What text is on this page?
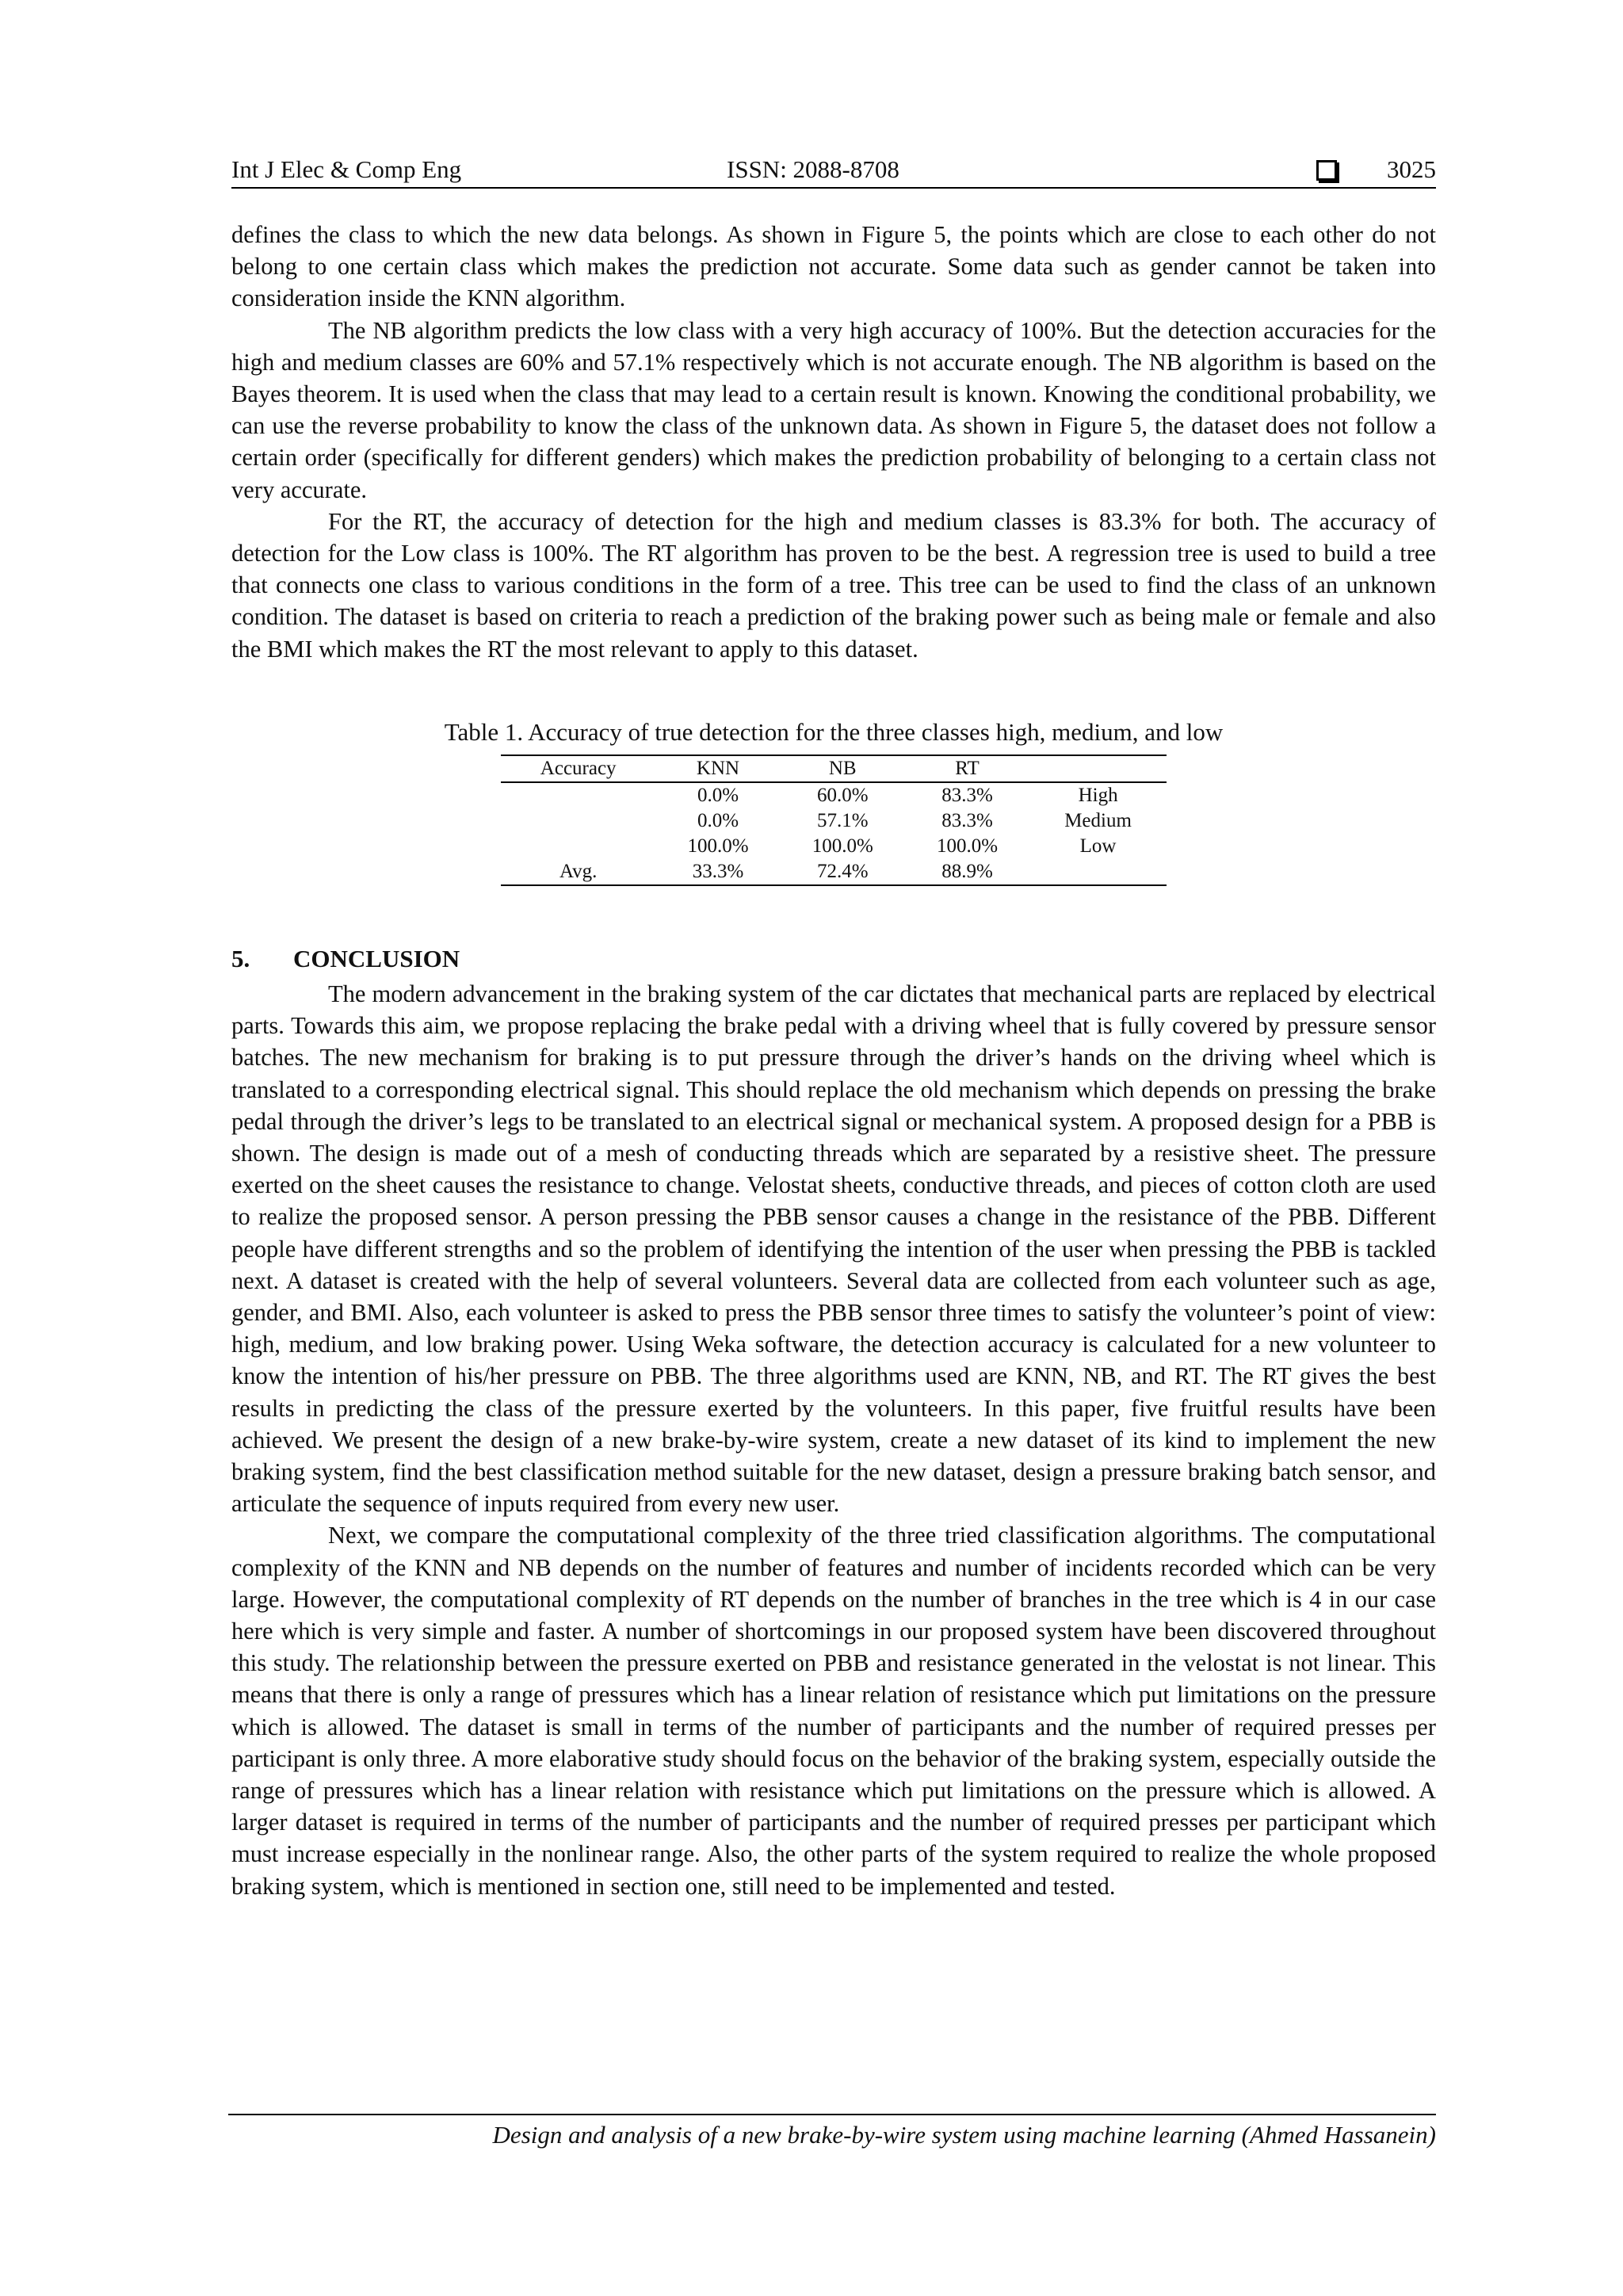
Int J Elec & Comp Eng	ISSN: 2088-8708	3025

defines the class to which the new data belongs. As shown in Figure 5, the points which are close to each other do not belong to one certain class which makes the prediction not accurate. Some data such as gender cannot be taken into consideration inside the KNN algorithm.

The NB algorithm predicts the low class with a very high accuracy of 100%. But the detection accuracies for the high and medium classes are 60% and 57.1% respectively which is not accurate enough. The NB algorithm is based on the Bayes theorem. It is used when the class that may lead to a certain result is known. Knowing the conditional probability, we can use the reverse probability to know the class of the unknown data. As shown in Figure 5, the dataset does not follow a certain order (specifically for different genders) which makes the prediction probability of belonging to a certain class not very accurate.

For the RT, the accuracy of detection for the high and medium classes is 83.3% for both. The accuracy of detection for the Low class is 100%. The RT algorithm has proven to be the best. A regression tree is used to build a tree that connects one class to various conditions in the form of a tree. This tree can be used to find the class of an unknown condition. The dataset is based on criteria to reach a prediction of the braking power such as being male or female and also the BMI which makes the RT the most relevant to apply to this dataset.

Table 1. Accuracy of true detection for the three classes high, medium, and low
Accuracy	KNN	NB	RT	
	0.0%	60.0%	83.3%	High
	0.0%	57.1%	83.3%	Medium
	100.0%	100.0%	100.0%	Low
Avg.	33.3%	72.4%	88.9%	
5. CONCLUSION

The modern advancement in the braking system of the car dictates that mechanical parts are replaced by electrical parts. Towards this aim, we propose replacing the brake pedal with a driving wheel that is fully covered by pressure sensor batches. The new mechanism for braking is to put pressure through the driver’s hands on the driving wheel which is translated to a corresponding electrical signal. This should replace the old mechanism which depends on pressing the brake pedal through the driver’s legs to be translated to an electrical signal or mechanical system. A proposed design for a PBB is shown. The design is made out of a mesh of conducting threads which are separated by a resistive sheet. The pressure exerted on the sheet causes the resistance to change. Velostat sheets, conductive threads, and pieces of cotton cloth are used to realize the proposed sensor. A person pressing the PBB sensor causes a change in the resistance of the PBB. Different people have different strengths and so the problem of identifying the intention of the user when pressing the PBB is tackled next. A dataset is created with the help of several volunteers. Several data are collected from each volunteer such as age, gender, and BMI. Also, each volunteer is asked to press the PBB sensor three times to satisfy the volunteer’s point of view: high, medium, and low braking power. Using Weka software, the detection accuracy is calculated for a new volunteer to know the intention of his/her pressure on PBB. The three algorithms used are KNN, NB, and RT. The RT gives the best results in predicting the class of the pressure exerted by the volunteers. In this paper, five fruitful results have been achieved. We present the design of a new brake-by-wire system, create a new dataset of its kind to implement the new braking system, find the best classification method suitable for the new dataset, design a pressure braking batch sensor, and articulate the sequence of inputs required from every new user.

Next, we compare the computational complexity of the three tried classification algorithms. The computational complexity of the KNN and NB depends on the number of features and number of incidents recorded which can be very large. However, the computational complexity of RT depends on the number of branches in the tree which is 4 in our case here which is very simple and faster. A number of shortcomings in our proposed system have been discovered throughout this study. The relationship between the pressure exerted on PBB and resistance generated in the velostat is not linear. This means that there is only a range of pressures which has a linear relation of resistance which put limitations on the pressure which is allowed. The dataset is small in terms of the number of participants and the number of required presses per participant is only three. A more elaborative study should focus on the behavior of the braking system, especially outside the range of pressures which has a linear relation with resistance which put limitations on the pressure which is allowed. A larger dataset is required in terms of the number of participants and the number of required presses per participant which must increase especially in the nonlinear range. Also, the other parts of the system required to realize the whole proposed braking system, which is mentioned in section one, still need to be implemented and tested.

Design and analysis of a new brake-by-wire system using machine learning (Ahmed Hassanein)
